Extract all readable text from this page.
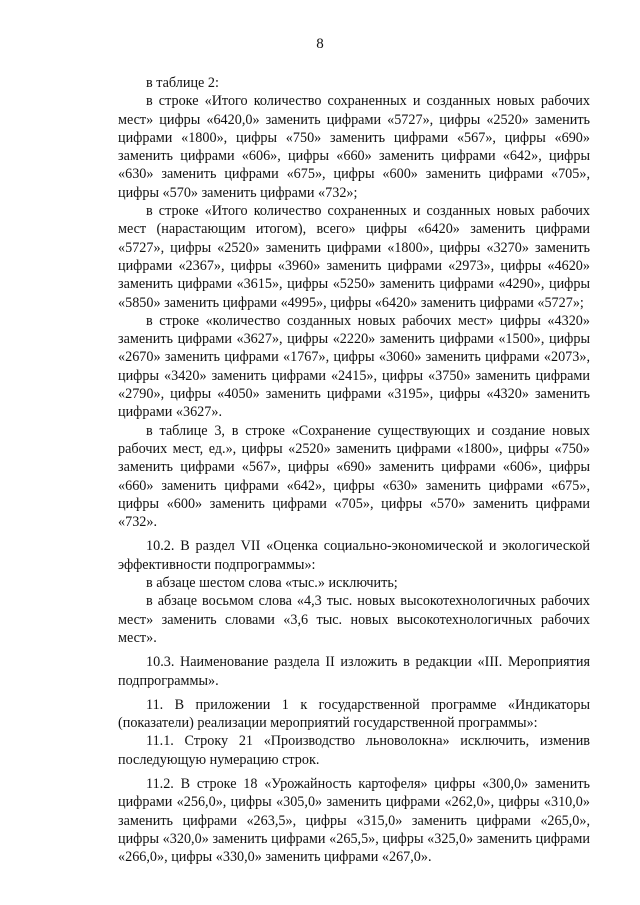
8

в таблице 2:

в строке «Итого количество сохраненных и созданных новых рабочих мест» цифры «6420,0» заменить цифрами «5727», цифры «2520» заменить цифрами «1800», цифры «750» заменить цифрами «567», цифры «690» заменить цифрами «606», цифры «660» заменить цифрами «642», цифры «630» заменить цифрами «675», цифры «600» заменить цифрами «705», цифры «570» заменить цифрами «732»;

в строке «Итого количество сохраненных и созданных новых рабочих мест (нарастающим итогом), всего» цифры «6420» заменить цифрами «5727», цифры «2520» заменить цифрами «1800», цифры «3270» заменить цифрами «2367», цифры «3960» заменить цифрами «2973», цифры «4620» заменить цифрами «3615», цифры «5250» заменить цифрами «4290», цифры «5850» заменить цифрами «4995», цифры «6420» заменить цифрами «5727»;

в строке «количество созданных новых рабочих мест» цифры «4320» заменить цифрами «3627», цифры «2220» заменить цифрами «1500», цифры «2670» заменить цифрами «1767», цифры «3060» заменить цифрами «2073», цифры «3420» заменить цифрами «2415», цифры «3750» заменить цифрами «2790», цифры «4050» заменить цифрами «3195», цифры «4320» заменить цифрами «3627».

в таблице 3, в строке «Сохранение существующих и создание новых рабочих мест, ед.», цифры «2520» заменить цифрами «1800», цифры «750» заменить цифрами «567», цифры «690» заменить цифрами «606», цифры «660» заменить цифрами «642», цифры «630» заменить цифрами «675», цифры «600» заменить цифрами «705», цифры «570» заменить цифрами «732».

10.2. В раздел VII «Оценка социально-экономической и экологической эффективности подпрограммы»:

в абзаце шестом слова «тыс.» исключить;

в абзаце восьмом слова «4,3 тыс. новых высокотехнологичных рабочих мест» заменить словами «3,6 тыс. новых высокотехнологичных рабочих мест».

10.3. Наименование раздела II изложить в редакции «III. Мероприятия подпрограммы».

11. В приложении 1 к государственной программе «Индикаторы (показатели) реализации мероприятий государственной программы»:

11.1. Строку 21 «Производство льноволокна» исключить, изменив последующую нумерацию строк.

11.2. В строке 18 «Урожайность картофеля» цифры «300,0» заменить цифрами «256,0», цифры «305,0» заменить цифрами «262,0», цифры «310,0» заменить цифрами «263,5», цифры «315,0» заменить цифрами «265,0», цифры «320,0» заменить цифрами «265,5», цифры «325,0» заменить цифрами «266,0», цифры «330,0» заменить цифрами «267,0».
